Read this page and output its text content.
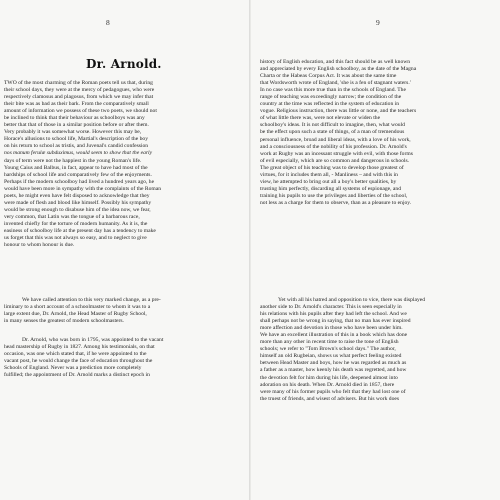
8
Dr. Arnold.
TWO of the most charming of the Roman poets tell us that, during
their school days, they were at the mercy of pedagogues, who were
respectively clamosus and plagosus, from which we may infer that
their bite was as bad as their bark. From the comparatively small
amount of information we possess of these two poets, we should not
be inclined to think that their behaviour as schoolboys was any
better that that of those in a similar position before or after them.
Very probably it was somewhat worse. However this may be,
Horace's allusions to school life, Martial's description of the boy
on his return to school as tristis, and Juvenal's candid confession
nos manum ferulæ subduximus, would seem to show that the early
days of term were not the happiest in the young Roman's life.
Young Caius and Balbus, in fact, appear to have had most of the
hardships of school life and comparatively few of the enjoyments.
Perhaps if the modern schoolboy had lived a hundred years ago, he
would have been more in sympathy with the complaints of the Roman
poets, he might even have felt disposed to acknowledge that they
were made of flesh and blood like himself. Possibly his sympathy
would be strong enough to disabuse him of the idea now, we fear,
very common, that Latin was the tongue of a barbarous race,
invented chiefly for the torture of modern humanity. As it is, the
easiness of schoolboy life at the present day has a tendency to make
us forget that this was not always so easy, and to neglect to give
honour to whom honour is due.
We have called attention to this very marked change, as a pre-
liminary to a short account of a schoolmaster to whom it was to a
large extent due, Dr. Arnold, the Head Master of Rugby School,
in many senses the greatest of modern schoolmasters.
Dr. Arnold, who was born in 1795, was appointed to the vacant
head mastership of Rugby in 1827. Among his testimonials, on that
occasion, was one which stated that, if he were appointed to the
vacant post, he would change the face of education throughout the
Schools of England. Never was a prediction more completely
fulfilled; the appointment of Dr. Arnold marks a distinct epoch in
9
history of English education, and this fact should be as well known
and appreciated by every English schoolboy, as the date of the Magna
Charta or the Habeas Corpus Act. It was about the same time
that Wordsworth wrote of England, 'she is a fen of stagnant waters.'
In no case was this more true than in the schools of England. The
range of teaching was exceedingly narrow; the condition of the
country at the time was reflected in the system of education in
vogue. Religious instruction, there was little or none, and the teachers
of what little there was, were not elevate or widen the
schoolboy's ideas. It is not difficult to imagine, then, what would
be the effect upon such a state of things, of a man of tremendous
personal influence, broad and liberal ideas, with a love of his work,
and a consciousness of the nobility of his profession. Dr. Arnold's
work at Rugby was an incessant struggle with evil, with those forms
of evil especially, which are so common and dangerous in schools.
The great object of his teaching was to develop those greatest of
virtues, for it includes them all, - Manliness – and with this in
view, he attempted to bring out all a boy's better qualities, by
trusting him perfectly, discarding all systems of espionage, and
training his pupils to use the privileges and liberties of the school,
not less as a charge for them to observe, than as a pleasure to enjoy.
Yet with all his hatred and opposition to vice, there was displayed
another side to Dr. Arnold's character. This is seen especially in
his relations with his pupils after they had left the school. And we
shall perhaps not be wrong in saying, that no man has ever inspired
more affection and devotion in those who have been under him.
We have an excellent illustration of this in a book which has done
more than any other in recent time to raise the tone of English
schools; we refer to "Tom Brown's school days." The author,
himself an old Rugbeian, shows us what perfect feeling existed
between Head Master and boys, how he was regarded as much as
a father as a master, how keenly his death was regretted, and how
the devotion felt for him during his life, deepened almost into
adoration on his death. When Dr. Arnold died in 1857, there
were many of his former pupils who felt that they had lost one of
the truest of friends, and wisest of advisers. But his work does
